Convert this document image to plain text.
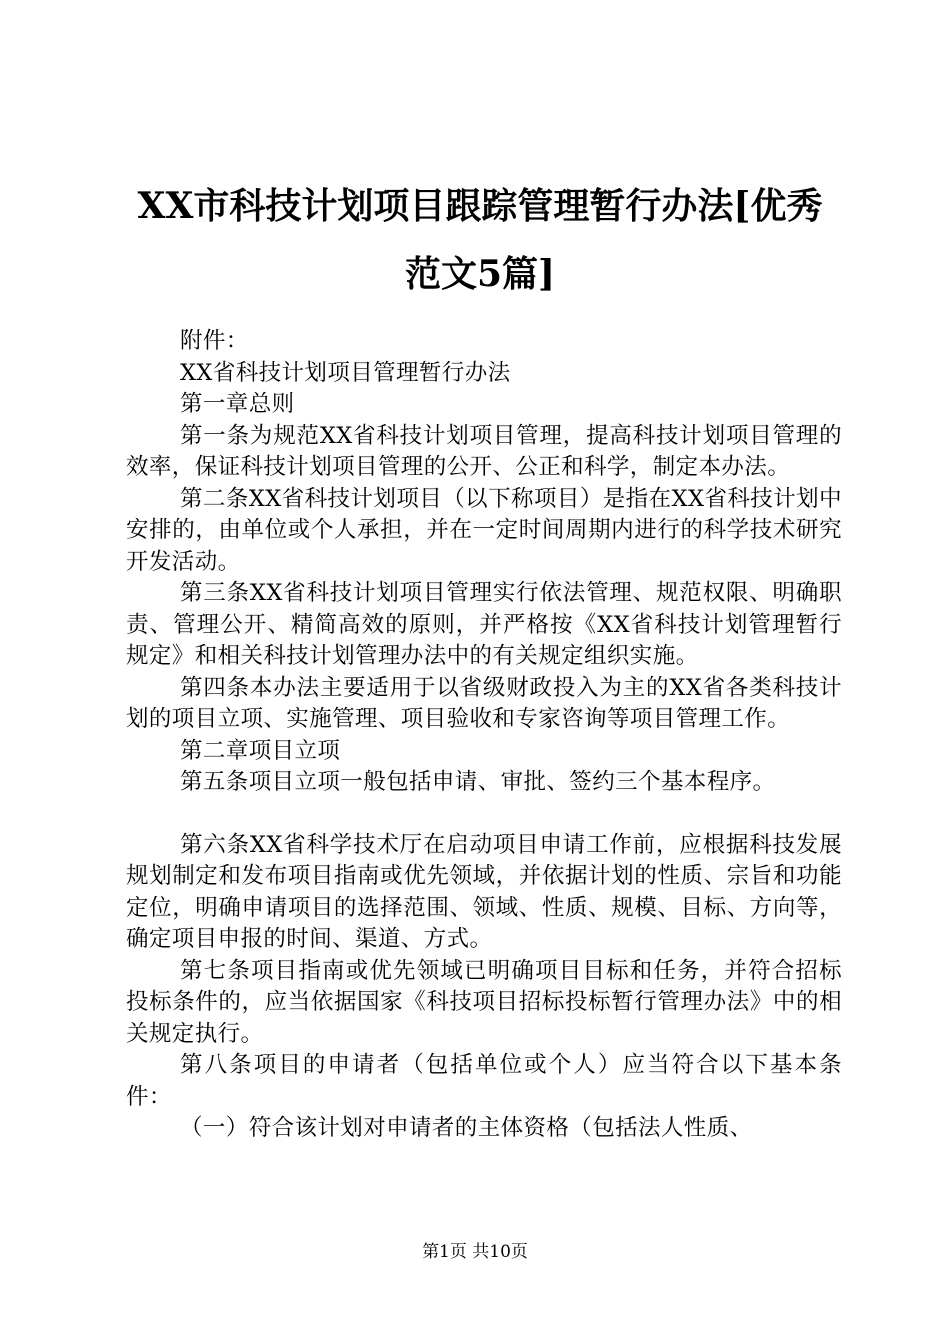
XX市科技计划项目跟踪管理暂行办法[优秀范文5篇]

附件：

XX省科技计划项目管理暂行办法

第一章总则

第一条为规范XX省科技计划项目管理，提高科技计划项目管理的效率，保证科技计划项目管理的公开、公正和科学，制定本办法。

第二条XX省科技计划项目（以下称项目）是指在XX省科技计划中安排的，由单位或个人承担，并在一定时间周期内进行的科学技术研究开发活动。

第三条XX省科技计划项目管理实行依法管理、规范权限、明确职责、管理公开、精简高效的原则，并严格按《XX省科技计划管理暂行规定》和相关科技计划管理办法中的有关规定组织实施。

第四条本办法主要适用于以省级财政投入为主的XX省各类科技计划的项目立项、实施管理、项目验收和专家咨询等项目管理工作。

第二章项目立项

第五条项目立项一般包括申请、审批、签约三个基本程序。

第六条XX省科学技术厅在启动项目申请工作前，应根据科技发展规划制定和发布项目指南或优先领域，并依据计划的性质、宗旨和功能定位，明确申请项目的选择范围、领域、性质、规模、目标、方向等，确定项目申报的时间、渠道、方式。

第七条项目指南或优先领域已明确项目目标和任务，并符合招标投标条件的，应当依据国家《科技项目招标投标暂行管理办法》中的相关规定执行。

第八条项目的申请者（包括单位或个人）应当符合以下基本条件：

（一）符合该计划对申请者的主体资格（包括法人性质、

第1页 共10页
